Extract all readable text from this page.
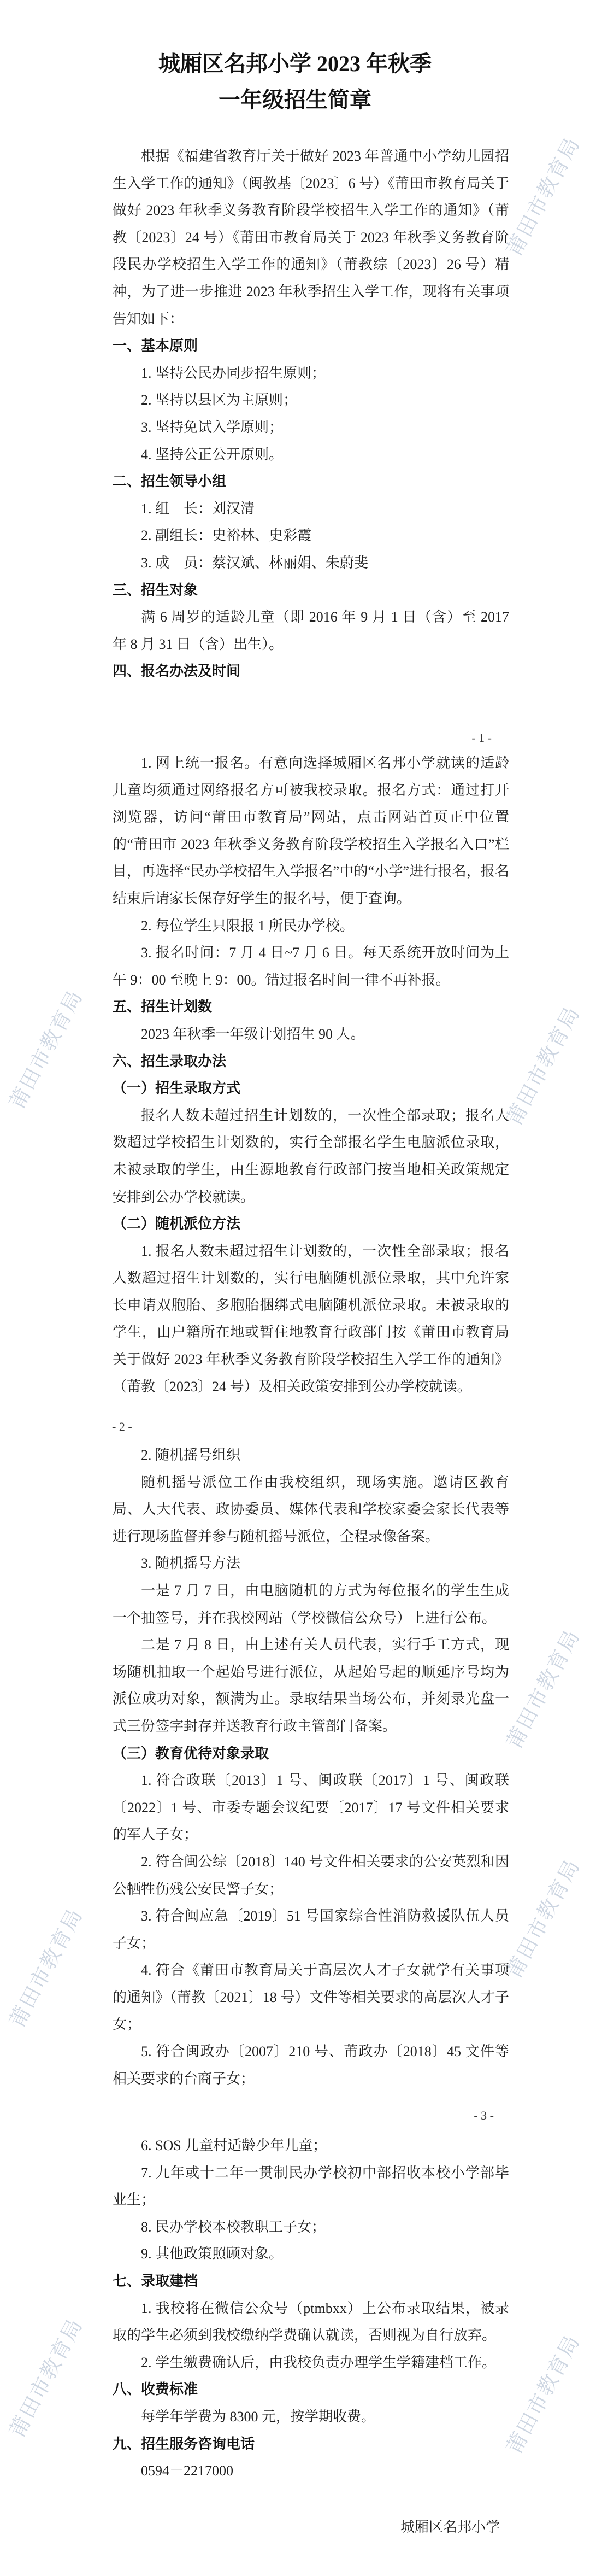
城厢区名邦小学 2023 年秋季
一年级招生简章
根据《福建省教育厅关于做好 2023 年普通中小学幼儿园招生入学工作的通知》（闽教基〔2023〕6 号）《莆田市教育局关于做好 2023 年秋季义务教育阶段学校招生入学工作的通知》（莆教〔2023〕24 号）《莆田市教育局关于 2023 年秋季义务教育阶段民办学校招生入学工作的通知》（莆教综〔2023〕26 号）精神，为了进一步推进 2023 年秋季招生入学工作，现将有关事项告知如下：
一、基本原则
1. 坚持公民办同步招生原则；
2. 坚持以县区为主原则；
3. 坚持免试入学原则；
4. 坚持公正公开原则。
二、招生领导小组
1. 组　长：刘汉清
2. 副组长：史裕林、史彩霞
3. 成　员：蔡汉斌、林丽娟、朱蔚斐
三、招生对象
满 6 周岁的适龄儿童（即 2016 年 9 月 1 日（含）至 2017 年 8 月 31 日（含）出生）。
四、报名办法及时间
- 1 -
1. 网上统一报名。有意向选择城厢区名邦小学就读的适龄儿童均须通过网络报名方可被我校录取。报名方式：通过打开浏览器，访问“莆田市教育局”网站，点击网站首页正中位置的“莆田市 2023 年秋季义务教育阶段学校招生入学报名入口”栏目，再选择“民办学校招生入学报名”中的“小学”进行报名，报名结束后请家长保存好学生的报名号，便于查询。
2. 每位学生只限报 1 所民办学校。
3. 报名时间：7 月 4 日~7 月 6 日。每天系统开放时间为上午 9：00 至晚上 9：00。错过报名时间一律不再补报。
五、招生计划数
2023 年秋季一年级计划招生 90 人。
六、招生录取办法
（一）招生录取方式
报名人数未超过招生计划数的，一次性全部录取；报名人数超过学校招生计划数的，实行全部报名学生电脑派位录取，未被录取的学生，由生源地教育行政部门按当地相关政策规定安排到公办学校就读。
（二）随机派位方法
1. 报名人数未超过招生计划数的，一次性全部录取；报名人数超过招生计划数的，实行电脑随机派位录取，其中允许家长申请双胞胎、多胞胎捆绑式电脑随机派位录取。未被录取的学生，由户籍所在地或暂住地教育行政部门按《莆田市教育局关于做好 2023 年秋季义务教育阶段学校招生入学工作的通知》（莆教〔2023〕24 号）及相关政策安排到公办学校就读。
- 2 -
2. 随机摇号组织
随机摇号派位工作由我校组织，现场实施。邀请区教育局、人大代表、政协委员、媒体代表和学校家委会家长代表等进行现场监督并参与随机摇号派位，全程录像备案。
3. 随机摇号方法
一是 7 月 7 日，由电脑随机的方式为每位报名的学生生成一个抽签号，并在我校网站（学校微信公众号）上进行公布。
二是 7 月 8 日，由上述有关人员代表，实行手工方式，现场随机抽取一个起始号进行派位，从起始号起的顺延序号均为派位成功对象，额满为止。录取结果当场公布，并刻录光盘一式三份签字封存并送教育行政主管部门备案。
（三）教育优待对象录取
1. 符合政联〔2013〕1 号、闽政联〔2017〕1 号、闽政联〔2022〕1 号、市委专题会议纪要〔2017〕17 号文件相关要求的军人子女；
2. 符合闽公综〔2018〕140 号文件相关要求的公安英烈和因公牺牲伤残公安民警子女；
3. 符合闽应急〔2019〕51 号国家综合性消防救援队伍人员子女；
4. 符合《莆田市教育局关于高层次人才子女就学有关事项的通知》（莆教〔2021〕18 号）文件等相关要求的高层次人才子女；
5. 符合闽政办〔2007〕210 号、莆政办〔2018〕45 文件等相关要求的台商子女；
- 3 -
6. SOS 儿童村适龄少年儿童；
7. 九年或十二年一贯制民办学校初中部招收本校小学部毕业生；
8. 民办学校本校教职工子女；
9. 其他政策照顾对象。
七、录取建档
1. 我校将在微信公众号（ptmbxx）上公布录取结果，被录取的学生必须到我校缴纳学费确认就读，否则视为自行放弃。
2. 学生缴费确认后，由我校负责办理学生学籍建档工作。
八、收费标准
每学年学费为 8300 元，按学期收费。
九、招生服务咨询电话
0594－2217000
城厢区名邦小学
莆田市教育局
莆田市教育局
莆田市教育局
莆田市教育局
莆田市教育局
莆田市教育局
莆田市教育局
莆田市教育局
